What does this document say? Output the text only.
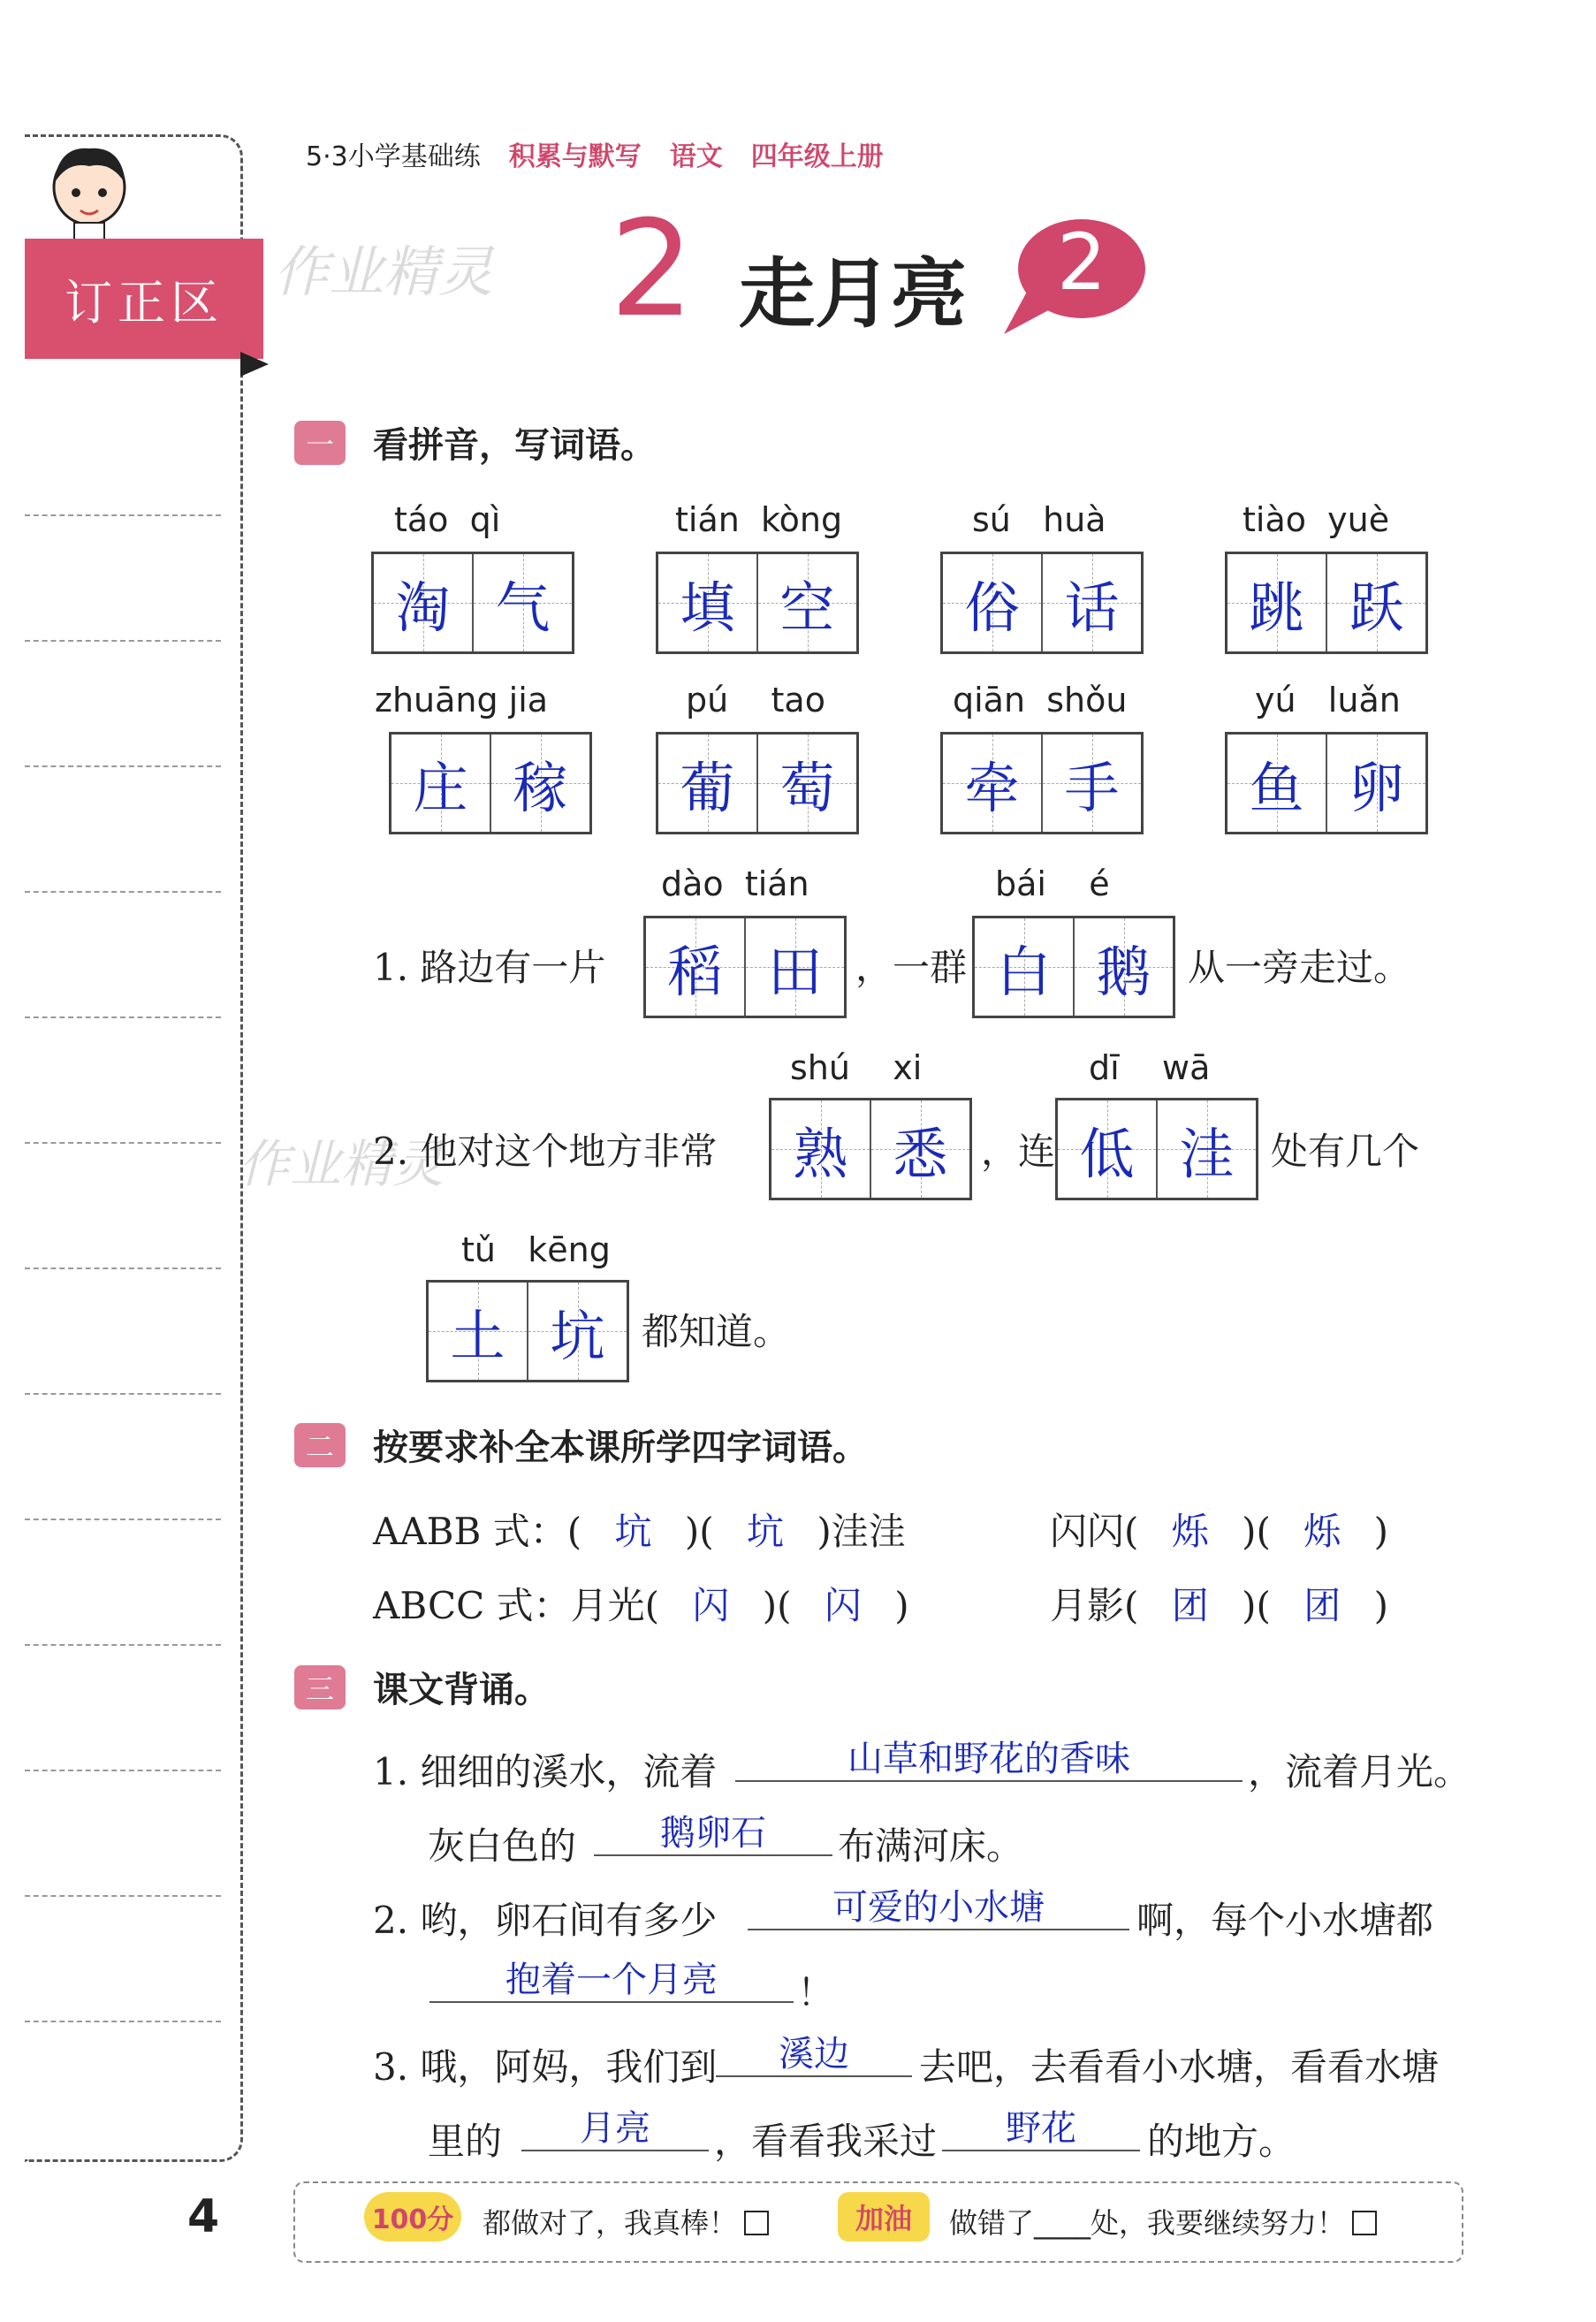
订正区
5·3小学基础练 积累与默写 语文 四年级上册
作业精灵
作业精灵
2 走月亮 2
一	看拼音，写词语。
táo  qì
淘 气
tián  kòng
填 空
sú   huà
俗 话
tiào  yuè
跳 跃
zhuāng jia
庄 稼
pú    tao
葡 萄
qiān  shǒu
牵 手
yú   luǎn
鱼 卵
1. 路边有一片
dào  tián
稻 田 ，一群
bái    é
白 鹅 从一旁走过。
2. 他对这个地方非常
shú    xi
熟 悉 ，连
dī    wā
低 洼 处有几个
tǔ   kēng
土 坑 都知道。
二	按要求补全本课所学四字词语。
AABB 式：( 坑 )( 坑 )洼洼	闪闪( 烁 )( 烁 )
ABCC 式：月光( 闪 )( 闪 )	月影( 团 )( 团 )
三	课文背诵。
1. 细细的溪水，流着	山草和野花的香味	，流着月光。
灰白色的	鹅卵石	布满河床。
2. 哟，卵石间有多少	可爱的小水塘	啊，每个小水塘都
抱着一个月亮	！
3. 哦，阿妈，我们到	溪边	去吧，去看看小水塘，看看水塘
里的	月亮	，看看我采过	野花	的地方。
4	100分 都做对了，我真棒！	加油	做错了____处，我要继续努力！
